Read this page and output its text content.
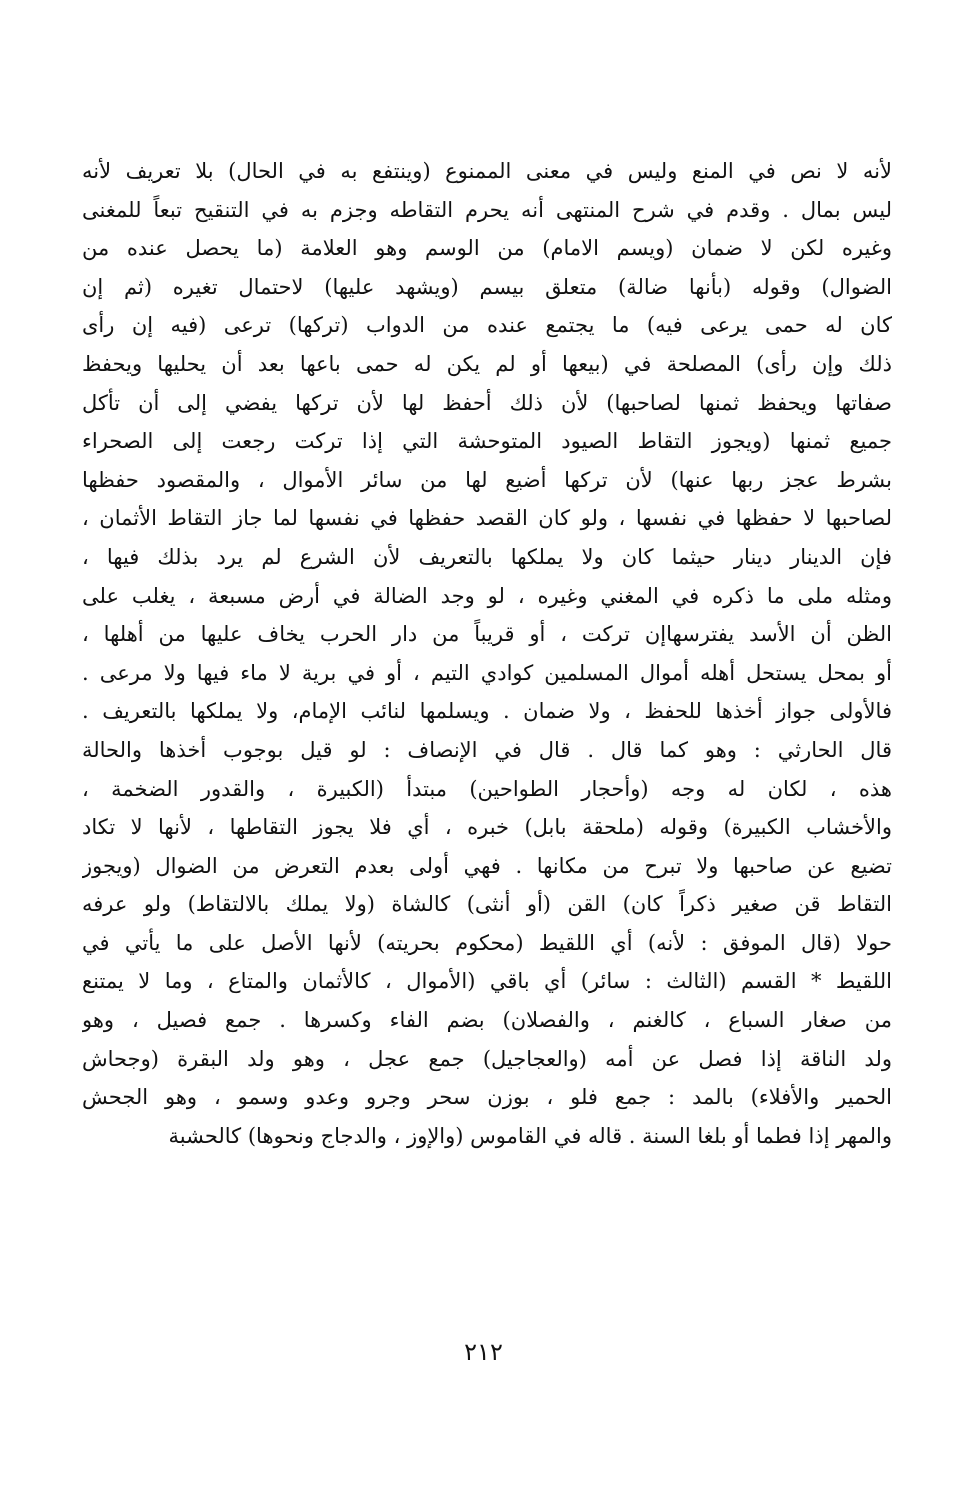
لأنه لا نص في المنع وليس في معنى الممنوع (وينتفع به في الحال) بلا تعريف لأنه
ليس بمال . وقدم في شرح المنتهى أنه يحرم التقاطه وجزم به في التنقيح تبعاً للمغنى
وغيره لكن لا ضمان (ويسم الامام) من الوسم وهو العلامة (ما يحصل عنده من
الضوال) وقوله (بأنها ضالة) متعلق بيسم (ويشهد عليها) لاحتمال تغيره (ثم إن
كان له حمى يرعى فيه) ما يجتمع عنده من الدواب (تركها) ترعى (فيه إن رأى
ذلك وإن رأى) المصلحة في (بيعها أو لم يكن له حمى باعها بعد أن يحليها ويحفظ
صفاتها ويحفظ ثمنها لصاحبها) لأن ذلك أحفظ لها لأن تركها يفضي إلى أن تأكل
جميع ثمنها (ويجوز التقاط الصيود المتوحشة التي إذا تركت رجعت إلى الصحراء
بشرط عجز ربها عنها) لأن تركها أضيع لها من سائر الأموال ، والمقصود حفظها
لصاحبها لا حفظها في نفسها ، ولو كان القصد حفظها في نفسها لما جاز التقاط الأثمان ،
فإن الدينار دينار حيثما كان ولا يملكها بالتعريف لأن الشرع لم يرد بذلك فيها ،
ومثله ملى ما ذكره في المغني وغيره ، لو وجد الضالة في أرض مسبعة ، يغلب على
الظن أن الأسد يفترسهاإن تركت ، أو قريباً من دار الحرب يخاف عليها من أهلها ،
أو بمحل يستحل أهله أموال المسلمين كوادي التيم ، أو في برية لا ماء فيها ولا مرعى .
فالأولى جواز أخذها للحفظ ، ولا ضمان . ويسلمها لنائب الإمام، ولا يملكها بالتعريف .
قال الحارثي : وهو كما قال . قال في الإنصاف : لو قيل بوجوب أخذها والحالة
هذه ، لكان له وجه (وأحجار الطواحين) مبتدأ (الكبيرة ، والقدور الضخمة ،
والأخشاب الكبيرة) وقوله (ملحقة بابل) خبره ، أي فلا يجوز التقاطها ، لأنها لا تكاد
تضيع عن صاحبها ولا تبرح من مكانها . فهي أولى بعدم التعرض من الضوال (ويجوز
التقاط قن صغير ذكراً كان) القن (أو أنثى) كالشاة (ولا يملك بالالتقاط) ولو عرفه
حولا (قال الموفق : لأنه) أي اللقيط (محكوم بحريته) لأنها الأصل على ما يأتي في
اللقيط * القسم (الثالث : سائر) أي باقي (الأموال ، كالأثمان والمتاع ، وما لا يمتنع
من صغار السباع ، كالغنم ، والفصلان) بضم الفاء وكسرها . جمع فصيل ، وهو
ولد الناقة إذا فصل عن أمه (والعجاجيل) جمع عجل ، وهو ولد البقرة (وجحاش
الحمير والأفلاء) بالمد : جمع فلو ، بوزن سحر وجرو وعدو وسمو ، وهو الجحش
والمهر إذا فطما أو بلغا السنة . قاله في القاموس (والإوز ، والدجاج ونحوها) كالحشبة
٢١٢
